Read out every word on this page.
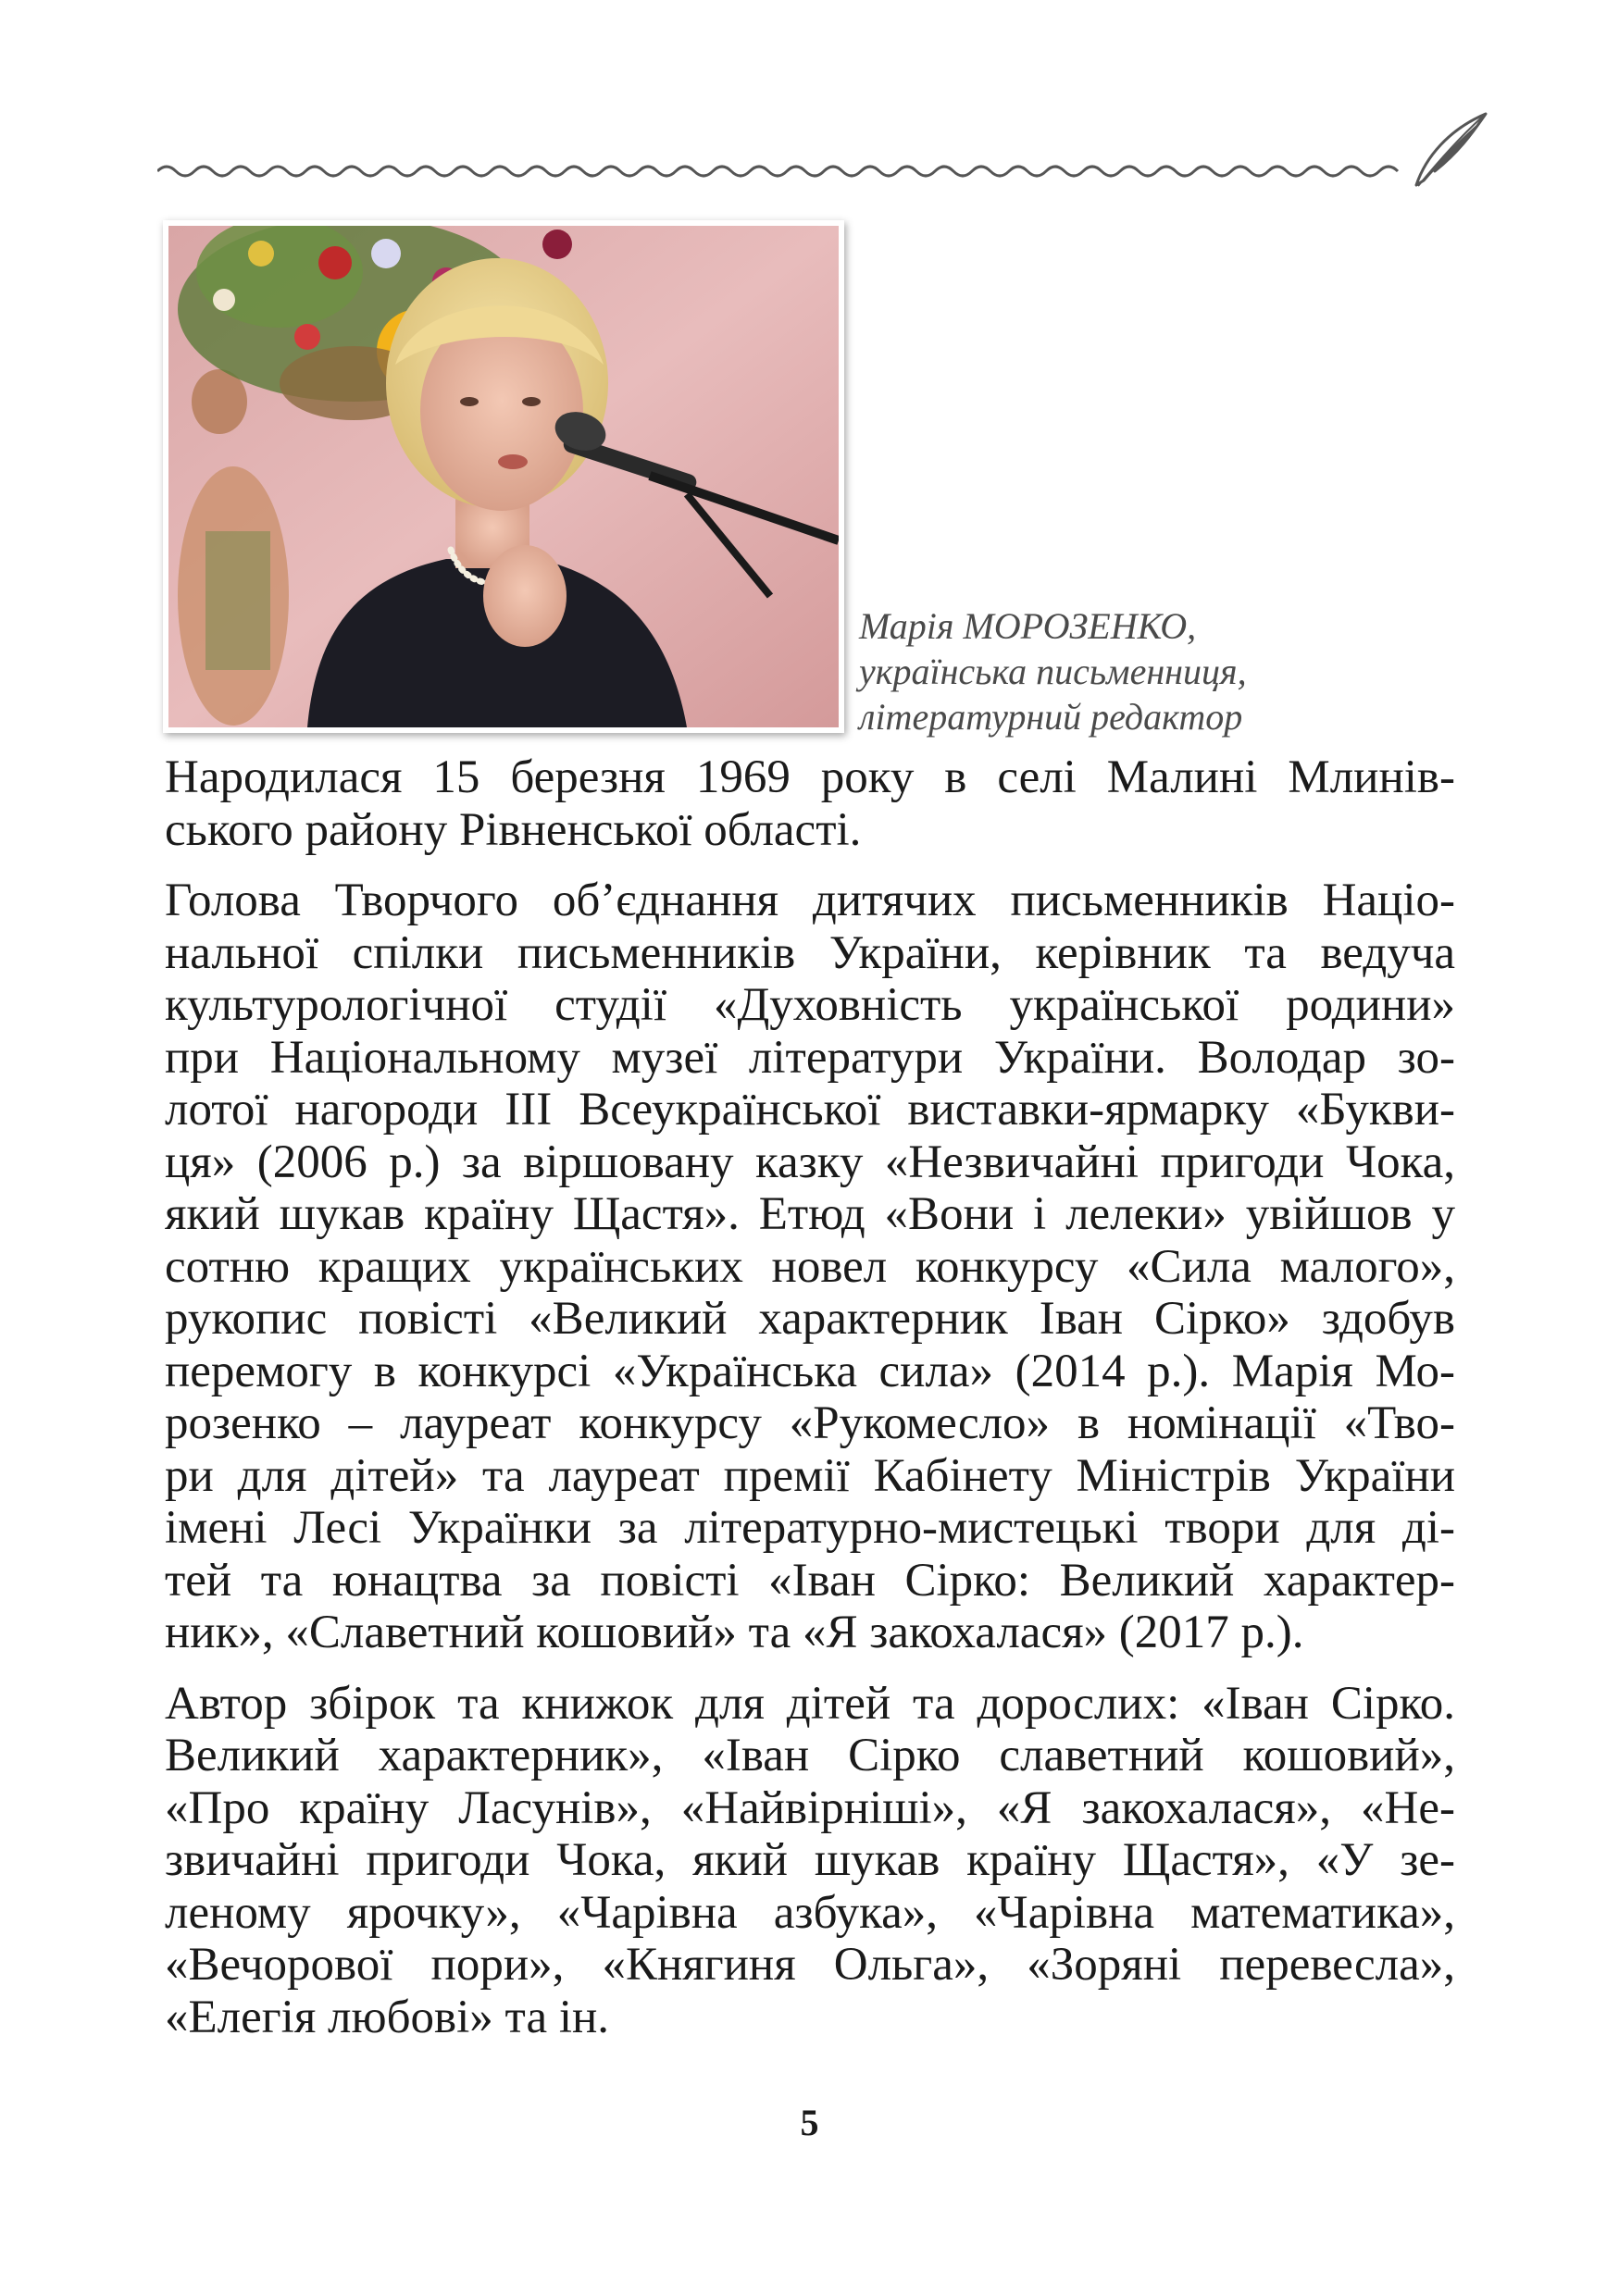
Марія МОРОЗЕНКО,
українська письменниця,
літературний редактор
Народилася 15 березня 1969 року в селі Малині Млинів-
ського району Рівненської області.
Голова Творчого об’єднання дитячих письменників Націо-
нальної спілки письменників України, керівник та ведуча
культурологічної студії «Духовність української родини»
при Національному музеї літератури України. Володар зо-
лотої нагороди ІІІ Всеукраїнської виставки-ярмарку «Букви-
ця» (2006 р.) за віршовану казку «Незвичайні пригоди Чока,
який шукав країну Щастя». Етюд «Вони і лелеки» увійшов у
сотню кращих українських новел конкурсу «Сила малого»,
рукопис повісті «Великий характерник Іван Сірко» здобув
перемогу в конкурсі «Українська сила» (2014 р.). Марія Мо-
розенко – лауреат конкурсу «Рукомесло» в номінації «Тво-
ри для дітей» та лауреат премії Кабінету Міністрів України
імені Лесі Українки за літературно-мистецькі твори для ді-
тей та юнацтва за повісті «Іван Сірко: Великий характер-
ник», «Славетний кошовий» та «Я закохалася» (2017 р.).
Автор збірок та книжок для дітей та дорослих: «Іван Сірко.
Великий характерник», «Іван Сірко славетний кошовий»,
«Про країну Ласунів», «Найвірніші», «Я закохалася», «Не-
звичайні пригоди Чока, який шукав країну Щастя», «У зе-
леному ярочку», «Чарівна азбука», «Чарівна математика»,
«Вечорової пори», «Княгиня Ольга», «Зоряні перевесла»,
«Елегія любові» та ін.
5
